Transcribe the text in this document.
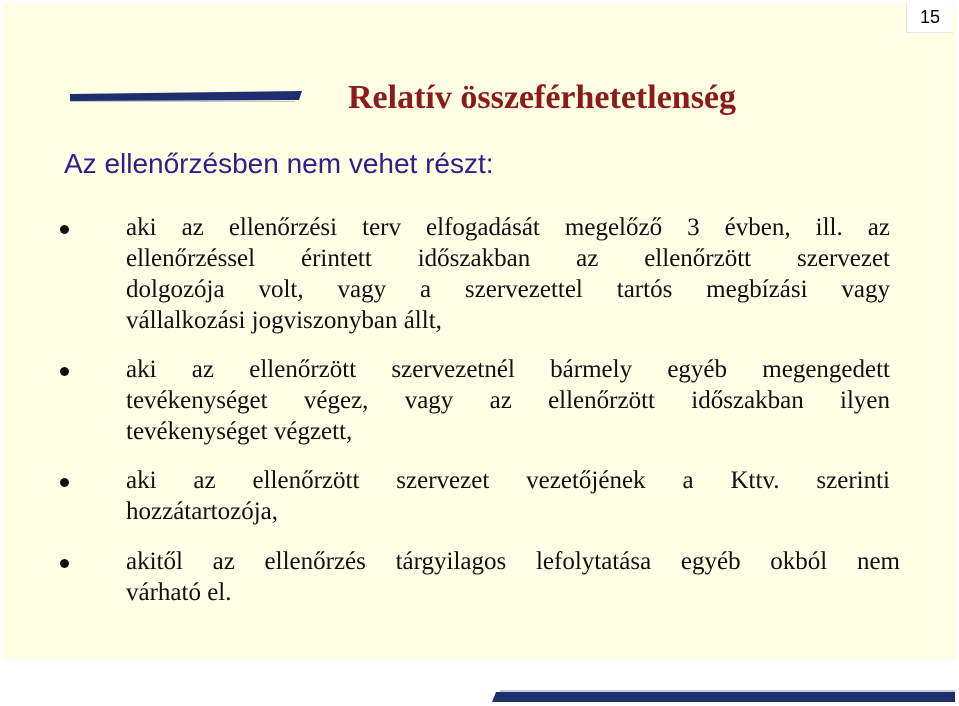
15
Relatív összeférhetetlenség
Az ellenőrzésben nem vehet részt:
aki az ellenőrzési terv elfogadását megelőző 3 évben, ill. az
ellenőrzéssel érintett időszakban az ellenőrzött szervezet
dolgozója volt, vagy a szervezettel tartós megbízási vagy
vállalkozási jogviszonyban állt,
aki az ellenőrzött szervezetnél bármely egyéb megengedett
tevékenységet végez, vagy az ellenőrzött időszakban ilyen
tevékenységet végzett,
aki az ellenőrzött szervezet vezetőjének a Kttv. szerinti
hozzátartozója,
akitől az ellenőrzés tárgyilagos lefolytatása egyéb okból nem
várható el.
